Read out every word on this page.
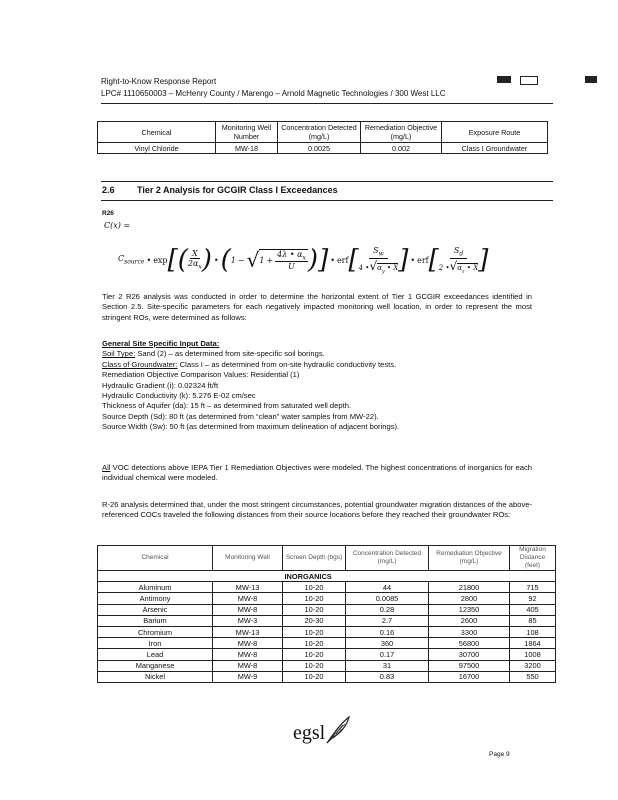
Right-to-Know Response Report
LPC# 1110650003 – McHenry County / Marengo – Arnold Magnetic Technologies / 300 West LLC
Chemical	Monitoring Well Number	Concentration Detected (mg/L)	Remediation Objective (mg/L)	Exposure Route
Vinyl Chloride	MW-18	0.0025	0.002	Class I Groundwater
2.6 Tier 2 Analysis for GCGIR Class I Exceedances
R26
C(x) =
$C_{source}$ • exp [ ( X
$2\alpha_x$ ) • ( 1 − √ $1 + \frac{4\lambda • \alpha_x}{U}$ ) ] • erf [	$S_w$
4 $•√\alpha_y$ • X ] • erf [	$S_d$
2 $•√\alpha_z$ • X ]
Tier 2 R26 analysis was conducted in order to determine the horizontal extent of Tier 1 GCGIR exceedances identified in Section 2.5. Site-specific parameters for each negatively impacted monitoring well location, in order to represent the most stringent ROs, were determined as follows:
General Site Specific Input Data:
Soil Type: Sand (2) – as determined from site-specific soil borings.
Class of Groundwater: Class I – as determined from on-site hydraulic conductivity tests.
Remediation Objective Comparison Values: Residential (1)
Hydraulic Gradient (i): 0.02324 ft/ft
Hydraulic Conductivity (k): 5.276 E-02 cm/sec
Thickness of Aquifer (da): 15 ft – as determined from saturated well depth.
Source Depth (Sd): 80 ft (as determined from “clean” water samples from MW-22).
Source Width (Sw): 50 ft (as determined from maximum delineation of adjacent borings).
All VOC detections above IEPA Tier 1 Remediation Objectives were modeled. The highest concentrations of inorganics for each individual chemical were modeled.
R-26 analysis determined that, under the most stringent circumstances, potential groundwater migration distances of the above-referenced COCs traveled the following distances from their source locations before they reached their groundwater ROs:
Chemical	Monitoring Well	Screen Depth (bgs)	Concentration Detected (mg/L)	Remediation Objective (mg/L)	Migration Distance (feet)
		INORGANICS			
Aluminum	MW-13	10-20	44	21800	715
Antimony	MW-8	10-20	0.0085	2800	92
Arsenic	MW-8	10-20	0.28	12350	405
Barium	MW-3	20-30	2.7	2600	85
Chromium	MW-13	10-20	0.16	3300	108
Iron	MW-8	10-20	360	56800	1864
Lead	MW-8	10-20	0.17	30700	1008
Manganese	MW-8	10-20	31	97500	3200
Nickel	MW-9	10-20	0.83	16700	550
egsl
Page 9
